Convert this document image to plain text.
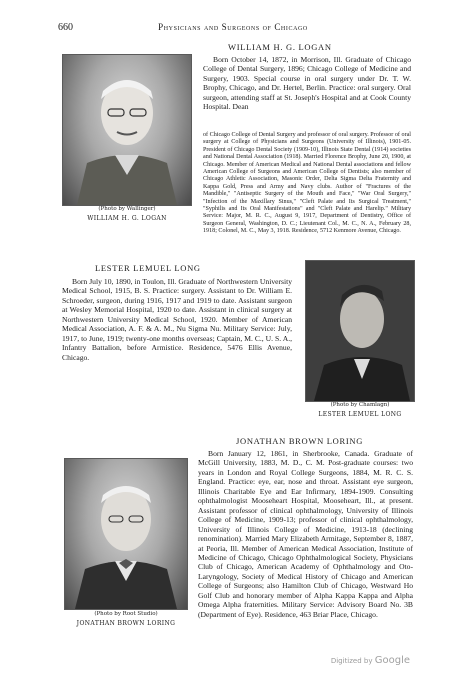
660	Physicians and Surgeons of Chicago
(Photo by Wallinger)
WILLIAM H. G. LOGAN
WILLIAM H. G. LOGAN

Born October 14, 1872, in Morrison, Ill. Graduate of Chicago College of Dental Surgery, 1896; Chicago College of Medicine and Surgery, 1903. Special course in oral surgery under Dr. T. W. Brophy, Chicago, and Dr. Hertel, Berlin. Practice: oral surgery. Oral surgeon, attending staff at St. Joseph's Hospital and at Cook County Hospital. Dean

of Chicago College of Dental Surgery and professor of oral surgery. Professor of oral surgery at College of Physicians and Surgeons (University of Illinois), 1901-05. President of Chicago Dental Society (1909-10), Illinois State Dental (1914) societies and National Dental Association (1918). Married Florence Brophy, June 20, 1900, at Chicago. Member of American Medical and National Dental associations and fellow American College of Surgeons and American College of Dentists; also member of Chicago Athletic Association, Masonic Order, Delta Sigma Delta Fraternity and Kappa Gold, Press and Army and Navy clubs. Author of "Fractures of the Mandible," "Antiseptic Surgery of the Mouth and Face," "War Oral Surgery," "Infection of the Maxillary Sinus," "Cleft Palate and Its Surgical Treatment," "Syphilis and Its Oral Manifestations" and "Cleft Palate and Harelip." Military Service: Major, M. R. C., August 9, 1917, Department of Dentistry, Office of Surgeon General, Washington, D. C.; Lieutenant Col., M. C., N. A., February 28, 1918; Colonel, M. C., May 3, 1918. Residence, 5712 Kenmore Avenue, Chicago.

LESTER LEMUEL LONG

Born July 10, 1890, in Toulon, Ill. Graduate of Northwestern University Medical School, 1915, B. S. Practice: surgery. Assistant to Dr. William E. Schroeder, surgeon, during 1916, 1917 and 1919 to date. Assistant surgeon at Wesley Memorial Hospital, 1920 to date. Assistant in clinical surgery at Northwestern University Medical School, 1920. Member of American Medical Association, A. F. & A. M., Nu Sigma Nu. Military Service: July, 1917, to June, 1919; twenty-one months overseas; Captain, M. C., U. S. A., Infantry Battalion, before Armistice. Residence, 5476 Ellis Avenue, Chicago.

(Photo by Chamlagn)
LESTER LEMUEL LONG
JONATHAN BROWN LORING

Born January 12, 1861, in Sherbrooke, Canada. Graduate of McGill University, 1883, M. D., C. M. Post-graduate courses: two years in London and Royal College Surgeons, 1884, M. R. C. S. England. Practice: eye, ear, nose and throat. Assistant eye surgeon, Illinois Charitable Eye and Ear Infirmary, 1894-1909. Consulting ophthalmologist Mooseheart Hospital, Mooseheart, Ill., at present. Assistant professor of clinical ophthalmology, University of Illinois College of Medicine, 1909-13; professor of clinical ophthalmology, University of Illinois College of Medicine, 1913-18 (declining renomination). Married Mary Elizabeth Armitage, September 8, 1887, at Peoria, Ill. Member of American Medical Association, Institute of Medicine of Chicago, Chicago Ophthalmological Society, Physicians Club of Chicago, American Academy of Ophthalmology and Oto-Laryngology, Society of Medical History of Chicago and American College of Surgeons; also Hamilton Club of Chicago, Westward Ho Golf Club and honorary member of Alpha Kappa Kappa and Alpha Omega Alpha fraternities. Military Service: Advisory Board No. 3B (Department of Eye). Residence, 463 Briar Place, Chicago.

(Photo by Root Studio)
JONATHAN BROWN LORING
Digitized by Google
